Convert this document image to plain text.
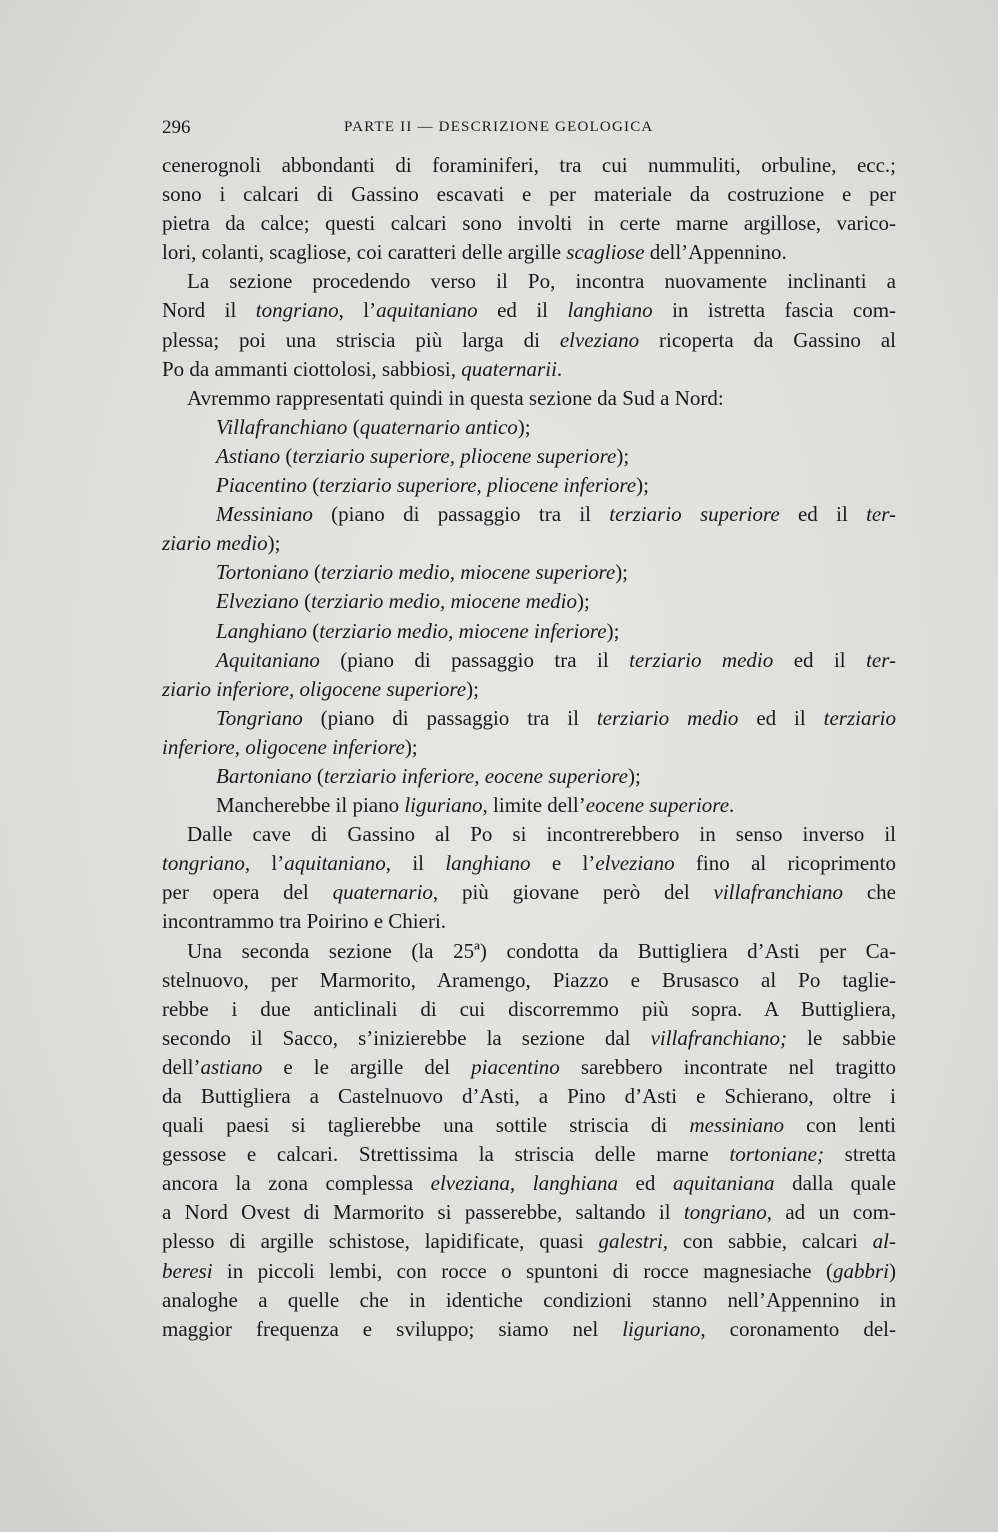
296	PARTE II — DESCRIZIONE GEOLOGICA
cenerognoli abbondanti di foraminiferi, tra cui nummuliti, orbuline, ecc.;
sono i calcari di Gassino escavati e per materiale da costruzione e per
pietra da calce; questi calcari sono involti in certe marne argillose, varico-
lori, colanti, scagliose, coi caratteri delle argille scagliose dell’Appennino.
La sezione procedendo verso il Po, incontra nuovamente inclinanti a
Nord il tongriano, l’aquitaniano ed il langhiano in istretta fascia com-
plessa; poi una striscia più larga di elveziano ricoperta da Gassino al
Po da ammanti ciottolosi, sabbiosi, quaternarii.
Avremmo rappresentati quindi in questa sezione da Sud a Nord:
Villafranchiano (quaternario antico);
Astiano (terziario superiore, pliocene superiore);
Piacentino (terziario superiore, pliocene inferiore);
Messiniano (piano di passaggio tra il terziario superiore ed il ter-
ziario medio);
Tortoniano (terziario medio, miocene superiore);
Elveziano (terziario medio, miocene medio);
Langhiano (terziario medio, miocene inferiore);
Aquitaniano (piano di passaggio tra il terziario medio ed il ter-
ziario inferiore, oligocene superiore);
Tongriano (piano di passaggio tra il terziario medio ed il terziario
inferiore, oligocene inferiore);
Bartoniano (terziario inferiore, eocene superiore);
Mancherebbe il piano liguriano, limite dell’eocene superiore.
Dalle cave di Gassino al Po si incontrerebbero in senso inverso il
tongriano, l’aquitaniano, il langhiano e l’elveziano fino al ricoprimento
per opera del quaternario, più giovane però del villafranchiano che
incontrammo tra Poirino e Chieri.
Una seconda sezione (la 25ª) condotta da Buttigliera d’Asti per Ca-
stelnuovo, per Marmorito, Aramengo, Piazzo e Brusasco al Po taglie-
rebbe i due anticlinali di cui discorremmo più sopra. A Buttigliera,
secondo il Sacco, s’inizierebbe la sezione dal villafranchiano; le sabbie
dell’astiano e le argille del piacentino sarebbero incontrate nel tragitto
da Buttigliera a Castelnuovo d’Asti, a Pino d’Asti e Schierano, oltre i
quali paesi si taglierebbe una sottile striscia di messiniano con lenti
gessose e calcari. Strettissima la striscia delle marne tortoniane; stretta
ancora la zona complessa elveziana, langhiana ed aquitaniana dalla quale
a Nord Ovest di Marmorito si passerebbe, saltando il tongriano, ad un com-
plesso di argille schistose, lapidificate, quasi galestri, con sabbie, calcari al-
beresi in piccoli lembi, con rocce o spuntoni di rocce magnesiache (gabbri)
analoghe a quelle che in identiche condizioni stanno nell’Appennino in
maggior frequenza e sviluppo; siamo nel liguriano, coronamento del-
